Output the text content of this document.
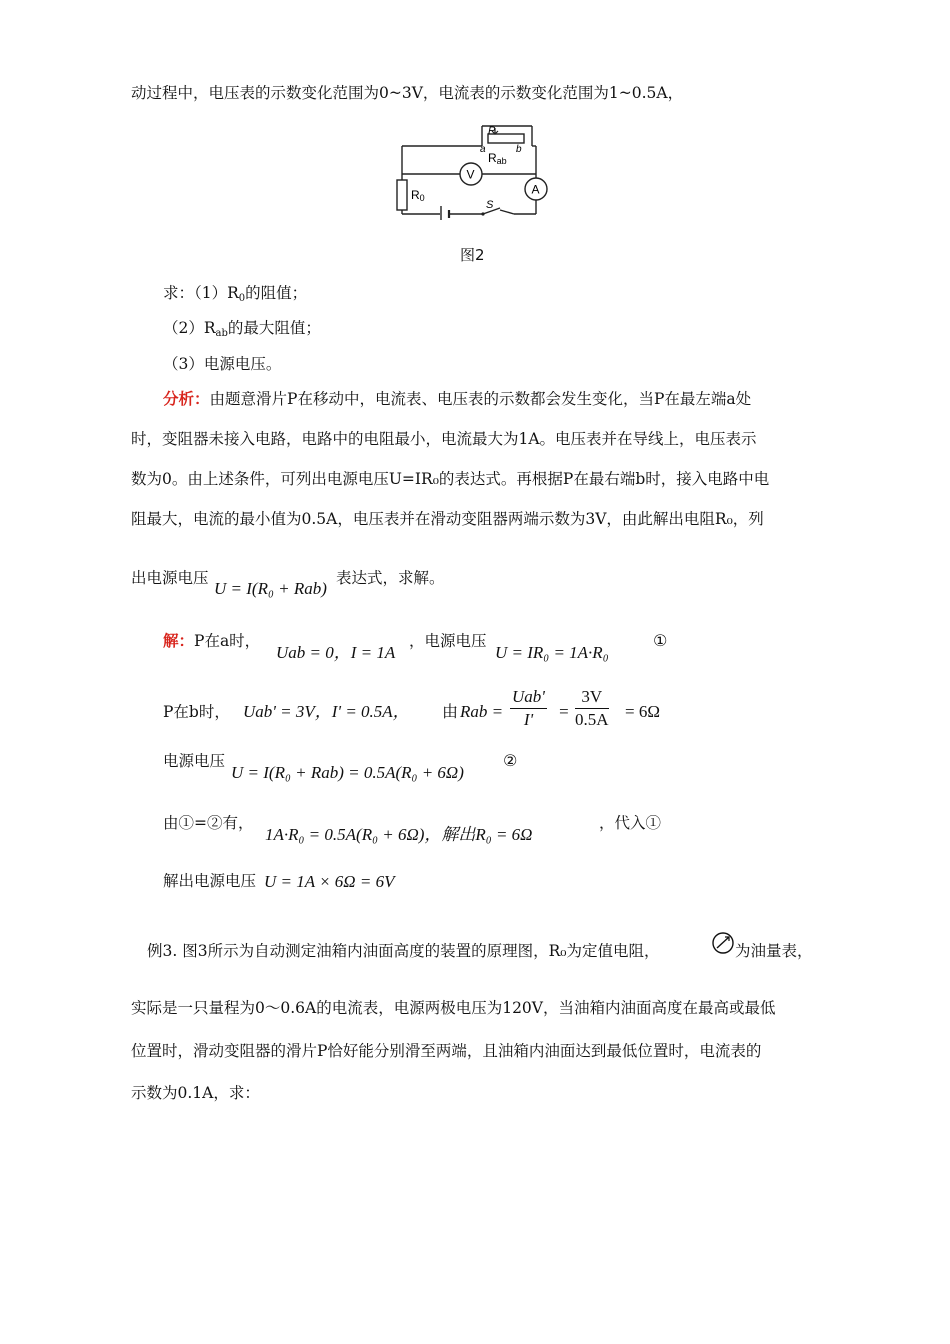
动过程中，电压表的示数变化范围为0~3V，电流表的示数变化范围为1~0.5A，
P
a	b
Rab
V
A
R0
S
图2
求：$(1)R_0$的阻值；
$(2)R_{ab}$的最大阻值；
（3）电源电压。
分析：由题意滑片P在移动中，电流表、电压表的示数都会发生变化，当P在最左端a处
时，变阻器未接入电路，电路中的电阻最小，电流最大为1A。电压表并在导线上，电压表示
数为0。由上述条件，可列出电源电压U=IR₀的表达式。再根据P在最右端b时，接入电路中电
阻最大，电流的最小值为0.5A，电压表并在滑动变阻器两端示数为3V，由此解出电阻R₀，列
出电源电压
U = I(R₀ + Rab)
表达式，求解。
解：P在a时，
Uab = 0，I = 1A
，电源电压
U = IR₀ = 1A·R₀
①
P在b时， Uab' = 3V，I' = 0.5A， 由 Rab = $\frac{\text{Uab'}}{I'} = \frac{3V}{0.5A} = 6\Omega$
电源电压
U = I(R₀ + Rab) = 0.5A(R₀ + 6Ω)
②
由①=②有，
1A·R₀ = 0.5A(R₀ + 6Ω)，解出R₀ = 6Ω
，代入①
解出电源电压 U = 1A × 6Ω = 6V
例3. 图3所示为自动测定油箱内油面高度的装置的原理图，R₀为定值电阻，	为油量表，
实际是一只量程为0～0.6A的电流表，电源两极电压为120V，当油箱内油面高度在最高或最低
位置时，滑动变阻器的滑片P恰好能分别滑至两端，且油箱内油面达到最低位置时，电流表的
示数为0.1A，求：
